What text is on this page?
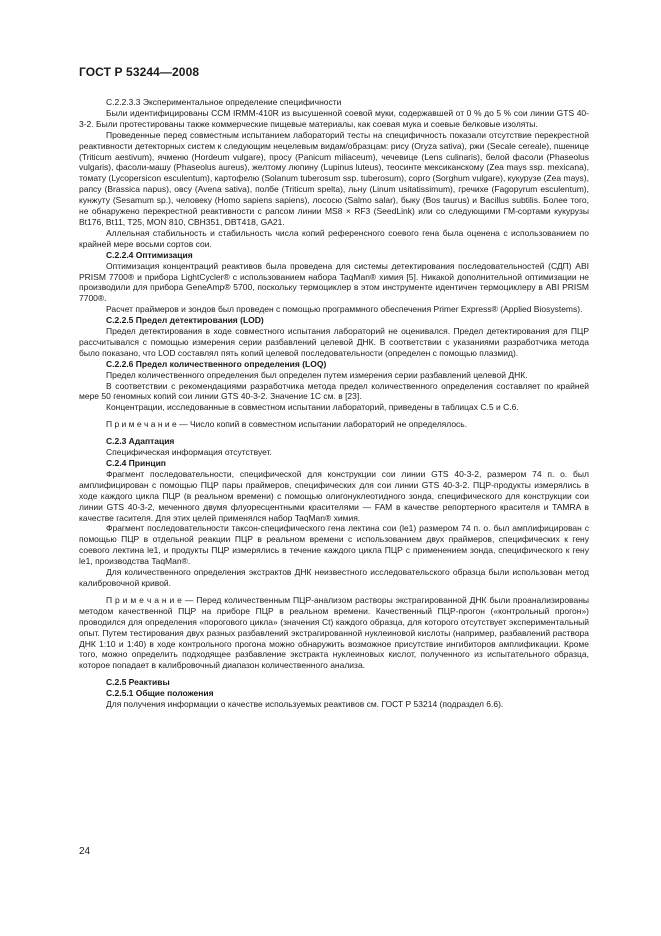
ГОСТ Р 53244—2008

C.2.2.3.3 Экспериментальное определение специфичности

Были идентифицированы CCM IRMM-410R из высушенной соевой муки, содержавшей от 0 % до 5 % сои линии GTS 40-3-2. Были протестированы также коммерческие пищевые материалы, как соевая мука и соевые белковые изоляты.

Проведенные перед совместным испытанием лабораторий тесты на специфичность показали отсутствие перекрестной реактивности детекторных систем к следующим нецелевым видам/образцам: рису (Oryza sativa), ржи (Secale cereale), пшенице (Triticum aestivum), ячменю (Hordeum vulgare), просу (Panicum miliaceum), чечевице (Lens culinaris), белой фасоли (Phaseolus vulgaris), фасоли-машу (Phaseolus aureus), желтому люпину (Lupinus luteus), теосинте мексиканскому (Zea mays ssp. mexicana), томату (Lycopersicon esculentum), картофелю (Solanum tuberosum ssp. tuberosum), сорго (Sorghum vulgare), кукурузе (Zea mays), рапсу (Brassica napus), овсу (Avena sativa), полбе (Triticum spelta), льну (Linum usitatissimum), гречихе (Fagopyrum esculentum), кунжуту (Sesamum sp.), человеку (Homo sapiens sapiens), лососю (Salmo salar), быку (Bos taurus) и Bacillus subtilis. Более того, не обнаружено перекрестной реактивности с рапсом линии MS8 × RF3 (SeedLink) или со следующими ГМ-сортами кукурузы Bt176, Bt11, T25, MON 810, CBH351, DBT418, GA21.

Аллельная стабильность и стабильность числа копий референсного соевого гена была оценена с использованием по крайней мере восьми сортов сои.

C.2.2.4 Оптимизация

Оптимизация концентраций реактивов была проведена для системы детектирования последовательностей (СДП) ABI PRISM 7700® и прибора LightCycler® с использованием набора TaqMan® химия [5]. Никакой дополнительной оптимизации не производили для прибора GeneAmp® 5700, поскольку термоциклер в этом инструменте идентичен термоциклеру в ABI PRISM 7700®.

Расчет праймеров и зондов был проведен с помощью программного обеспечения Primer Express® (Applied Biosystems).

C.2.2.5 Предел детектирования (LOD)

Предел детектирования в ходе совместного испытания лабораторий не оценивался. Предел детектирования для ПЦР рассчитывался с помощью измерения серии разбавлений целевой ДНК. В соответствии с указаниями разработчика метода было показано, что LOD составлял пять копий целевой последовательности (определен с помощью плазмид).

C.2.2.6 Предел количественного определения (LOQ)

Предел количественного определения был определен путем измерения серии разбавлений целевой ДНК.

В соответствии с рекомендациями разработчика метода предел количественного определения составляет по крайней мере 50 геномных копий сои линии GTS 40-3-2. Значение 1C см. в [23].

Концентрации, исследованные в совместном испытании лабораторий, приведены в таблицах C.5 и C.6.

П р и м е ч а н и е — Число копий в совместном испытании лабораторий не определялось.

C.2.3 Адаптация

Специфическая информация отсутствует.

C.2.4 Принцип

Фрагмент последовательности, специфической для конструкции сои линии GTS 40-3-2, размером 74 п. о. был амплифицирован с помощью ПЦР пары праймеров, специфических для сои линии GTS 40-3-2. ПЦР-продукты измерялись в ходе каждого цикла ПЦР (в реальном времени) с помощью олигонуклеотидного зонда, специфического для конструкции сои линии GTS 40-3-2, меченного двумя флуоресцентными красителями — FAM в качестве репортерного красителя и TAMRA в качестве гасителя. Для этих целей применялся набор TaqMan® химия.

Фрагмент последовательности таксон-специфического гена лектина сои (le1) размером 74 п. о. был амплифицирован с помощью ПЦР в отдельной реакции ПЦР в реальном времени с использованием двух праймеров, специфических к гену соевого лектина le1, и продукты ПЦР измерялись в течение каждого цикла ПЦР с применением зонда, специфического к гену le1, производства TaqMan®.

Для количественного определения экстрактов ДНК неизвестного исследовательского образца были использован метод калибровочной кривой.

П р и м е ч а н и е — Перед количественным ПЦР-анализом растворы экстрагированной ДНК были проанализированы методом качественной ПЦР на приборе ПЦР в реальном времени. Качественный ПЦР-прогон («контрольный прогон») проводился для определения «порогового цикла» (значения Ct) каждого образца, для которого отсутствует экспериментальный опыт. Путем тестирования двух разных разбавлений экстрагированной нуклеиновой кислоты (например, разбавлений раствора ДНК 1:10 и 1:40) в ходе контрольного прогона можно обнаружить возможное присутствие ингибиторов амплификации. Кроме того, можно определить подходящее разбавление экстракта нуклеиновых кислот, полученного из испытательного образца, которое попадает в калибровочный диапазон количественного анализа.

C.2.5 Реактивы

C.2.5.1 Общие положения

Для получения информации о качестве используемых реактивов см. ГОСТ Р 53214 (подраздел 6.6).

24
